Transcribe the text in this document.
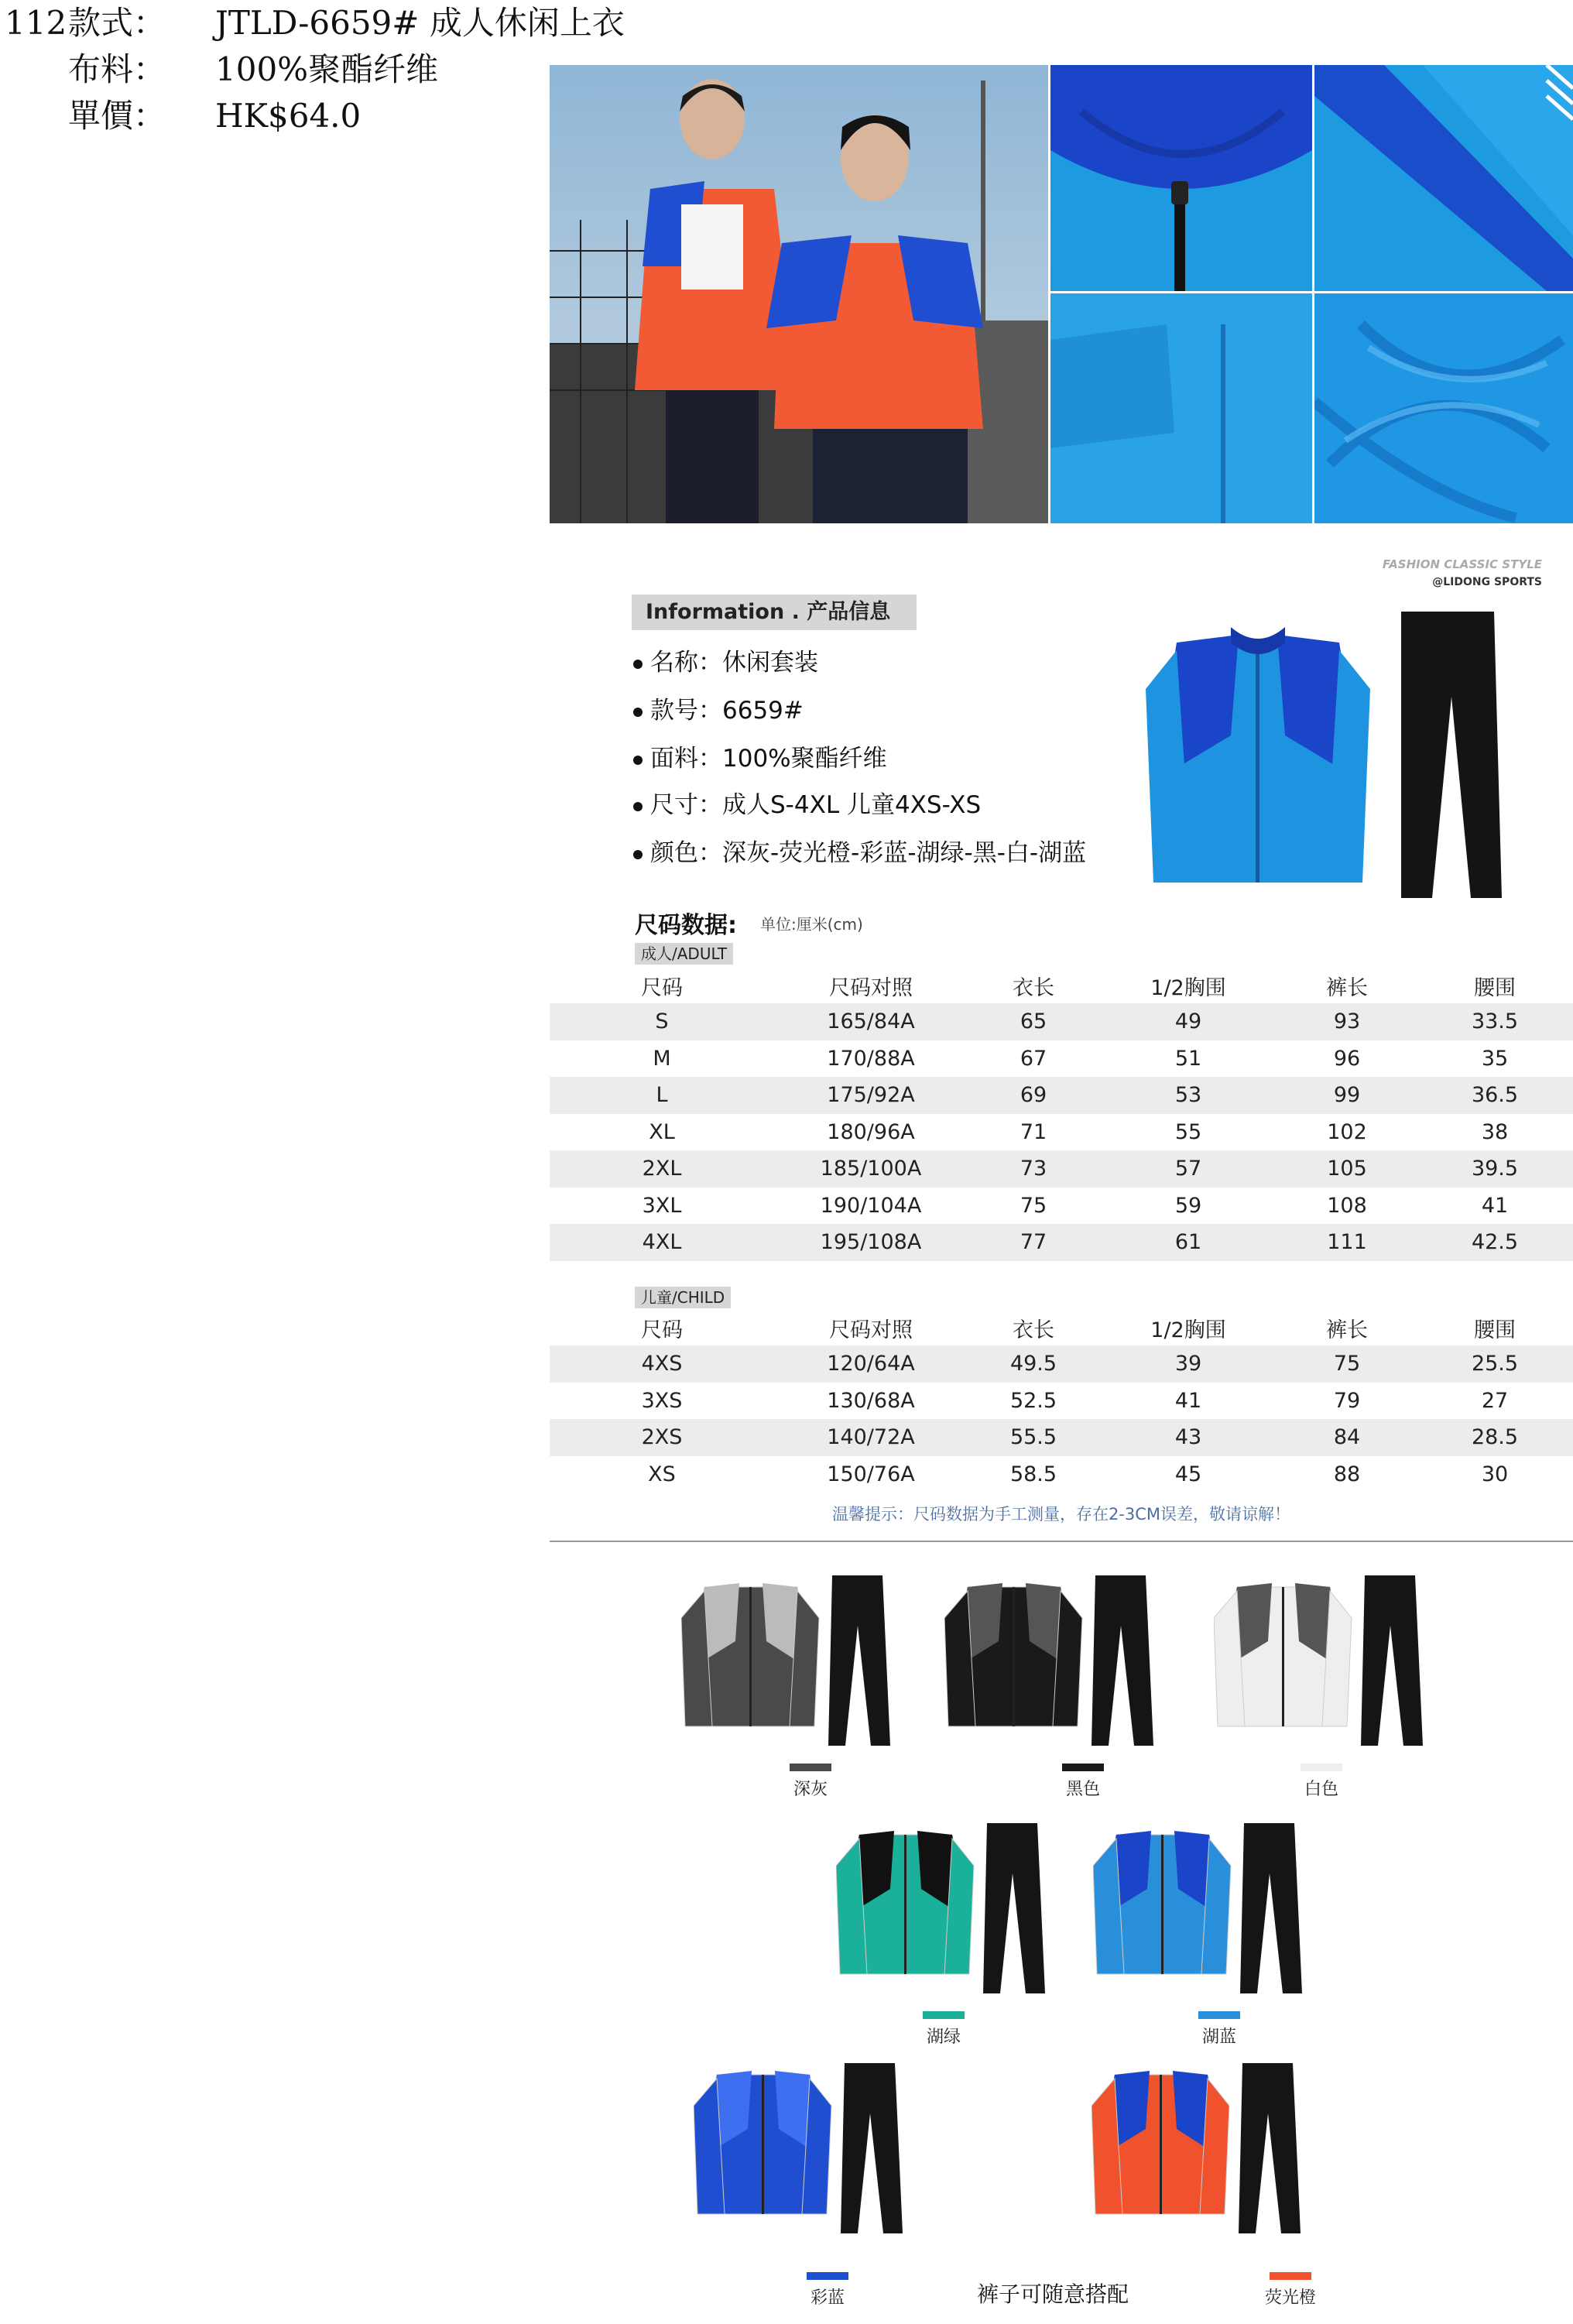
112 款式： JTLD-6659# 成人休闲上衣
布料： 100%聚酯纤维
單價： HK$64.0
FASHION CLASSIC STYLE
@LIDONG SPORTS
Information . 产品信息
名称：休闲套装
款号：6659#
面料：100%聚酯纤维
尺寸：成人S-4XL 儿童4XS-XS
颜色：深灰-荧光橙-彩蓝-湖绿-黑-白-湖蓝
尺码数据: 单位:厘米(cm)
成人/ADULT
尺码	尺码对照	衣长	1/2胸围	裤长	腰围
S	165/84A	65	49	93	33.5
M	170/88A	67	51	96	35
L	175/92A	69	53	99	36.5
XL	180/96A	71	55	102	38
2XL	185/100A	73	57	105	39.5
3XL	190/104A	75	59	108	41
4XL	195/108A	77	61	111	42.5
儿童/CHILD
尺码	尺码对照	衣长	1/2胸围	裤长	腰围
4XS	120/64A	49.5	39	75	25.5
3XS	130/68A	52.5	41	79	27
2XS	140/72A	55.5	43	84	28.5
XS	150/76A	58.5	45	88	30
温馨提示：尺码数据为手工测量，存在2-3CM误差，敬请谅解！
深灰	黑色	白色
湖绿	湖蓝
彩蓝	荧光橙
裤子可随意搭配
